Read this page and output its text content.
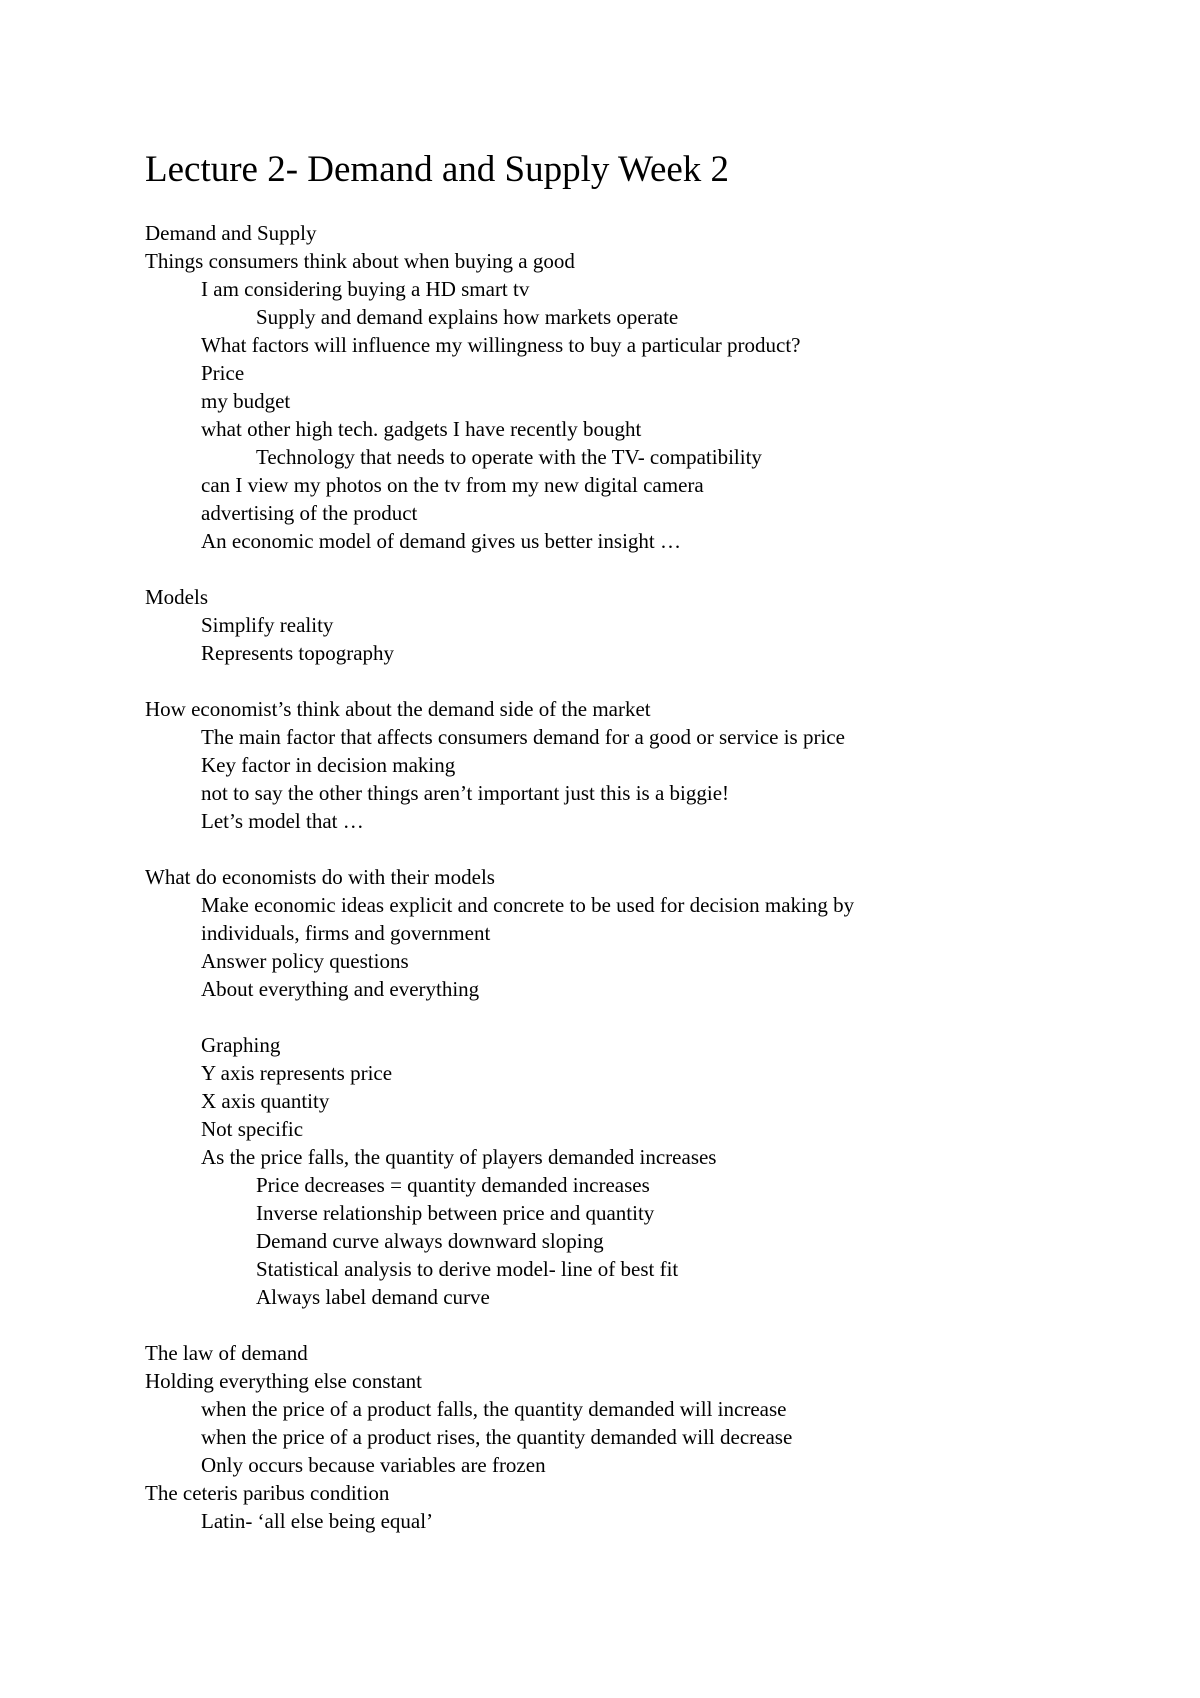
Lecture 2- Demand and Supply Week 2
Demand and Supply
Things consumers think about when buying a good
I am considering buying a HD smart tv
Supply and demand explains how markets operate
What factors will influence my willingness to buy a particular product?
Price
my budget
what other high tech. gadgets I have recently bought
Technology that needs to operate with the TV- compatibility
can I view my photos on the tv from my new digital camera
advertising of the product
An economic model of demand gives us better insight …
Models
Simplify reality
Represents topography
How economist’s think about the demand side of the market
The main factor that affects consumers demand for a good or service is price
Key factor in decision making
not to say the other things aren’t important just this is a biggie!
Let’s model that …
What do economists do with their models
Make economic ideas explicit and concrete to be used for decision making by
individuals, firms and government
Answer policy questions
About everything and everything
Graphing
Y axis represents price
X axis quantity
Not specific
As the price falls, the quantity of players demanded increases
Price decreases = quantity demanded increases
Inverse relationship between price and quantity
Demand curve always downward sloping
Statistical analysis to derive model- line of best fit
Always label demand curve
The law of demand
Holding everything else constant
when the price of a product falls, the quantity demanded will increase
when the price of a product rises, the quantity demanded will decrease
Only occurs because variables are frozen
The ceteris paribus condition
Latin- ‘all else being equal’
